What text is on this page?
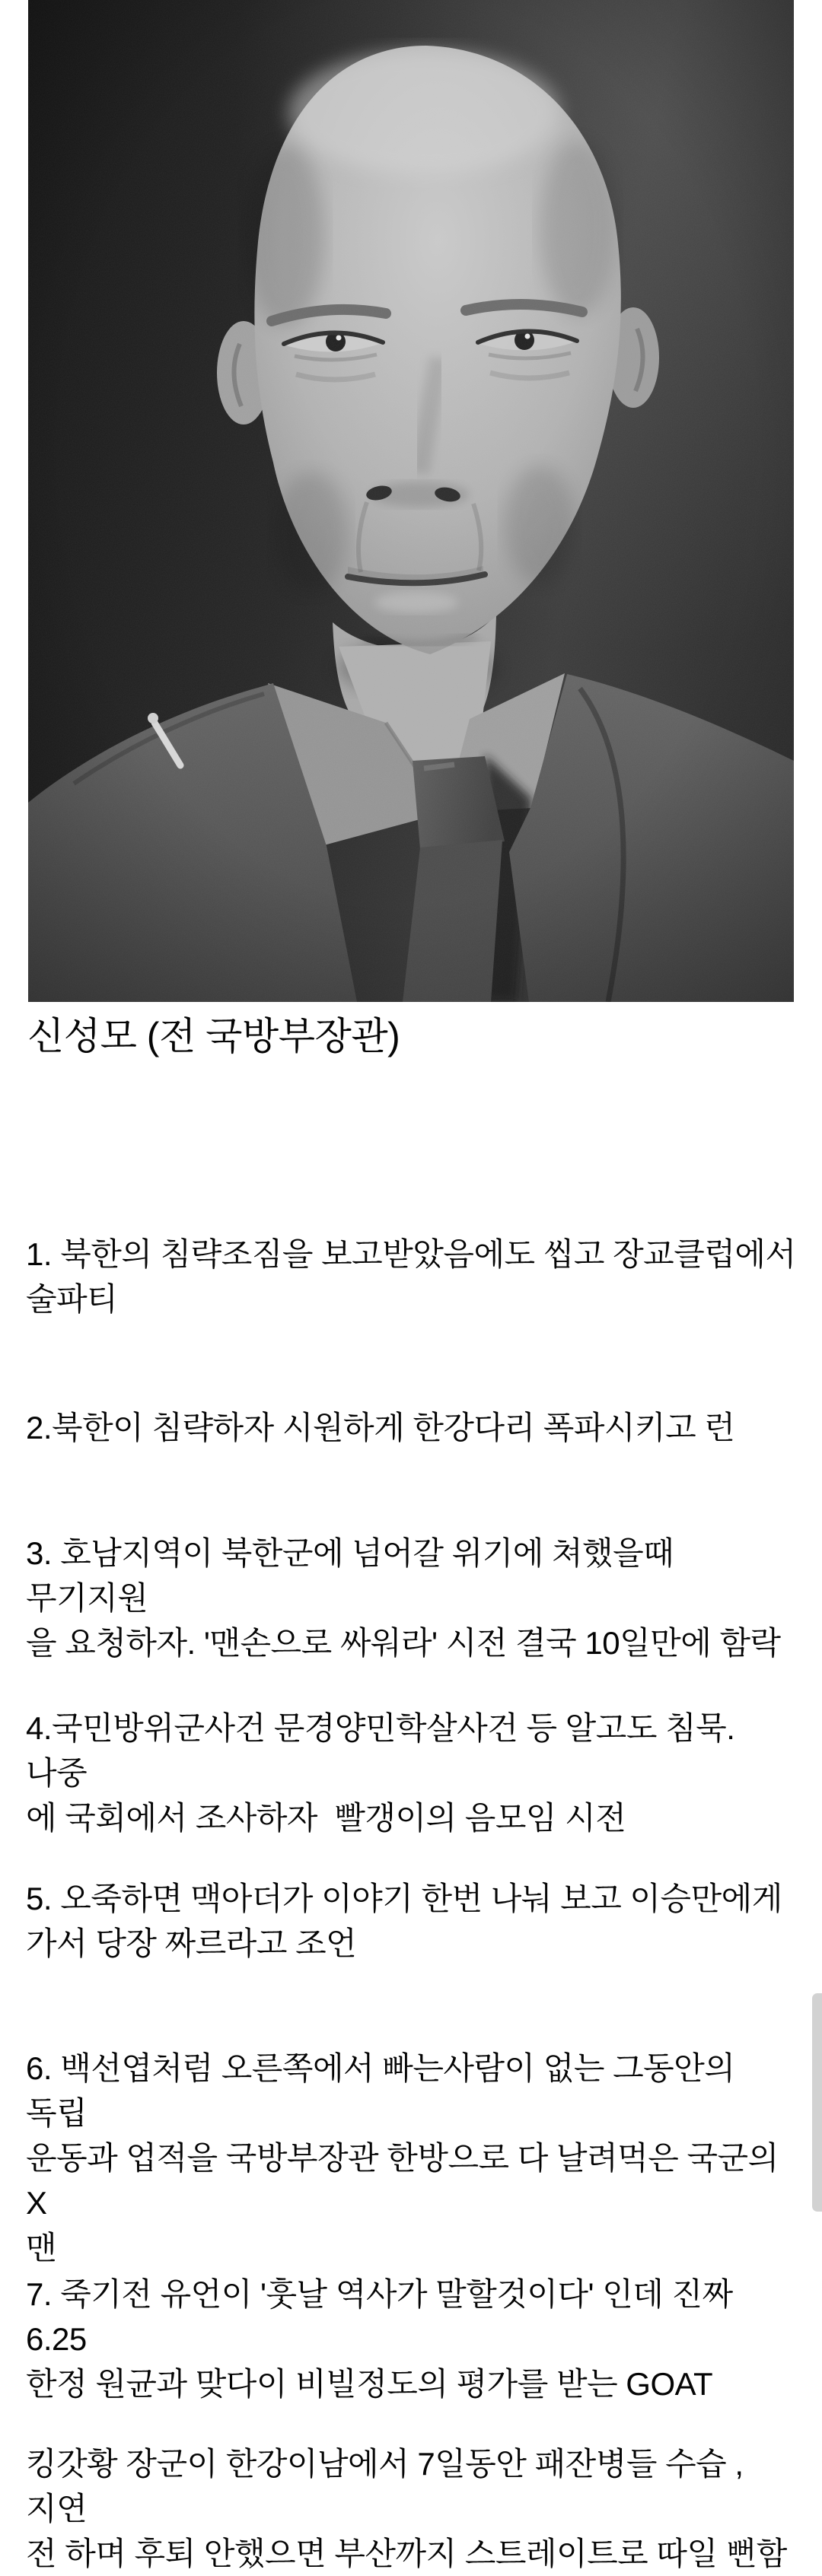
신성모 (전 국방부장관)
1. 북한의 침략조짐을 보고받았음에도 씹고 장교클럽에서
술파티
2.북한이 침략하자 시원하게 한강다리 폭파시키고 런
3. 호남지역이 북한군에 넘어갈 위기에 쳐했을때 무기지원
을 요청하자. '맨손으로 싸워라' 시전 결국 10일만에 함락
4.국민방위군사건 문경양민학살사건 등 알고도 침묵. 나중
에 국회에서 조사하자  빨갱이의 음모임 시전
5. 오죽하면 맥아더가 이야기 한번 나눠 보고 이승만에게
가서 당장 짜르라고 조언
6. 백선엽처럼 오른쪽에서 빠는사람이 없는 그동안의 독립
운동과 업적을 국방부장관 한방으로 다 날려먹은 국군의 X
맨
7. 죽기전 유언이 '훗날 역사가 말할것이다' 인데 진짜 6.25
한정 원균과 맞다이 비빌정도의 평가를 받는 GOAT
킹갓황 장군이 한강이남에서 7일동안 패잔병들 수습 ,지연
전 하며 후퇴 안했으면 부산까지 스트레이트로 따일 뻔함
